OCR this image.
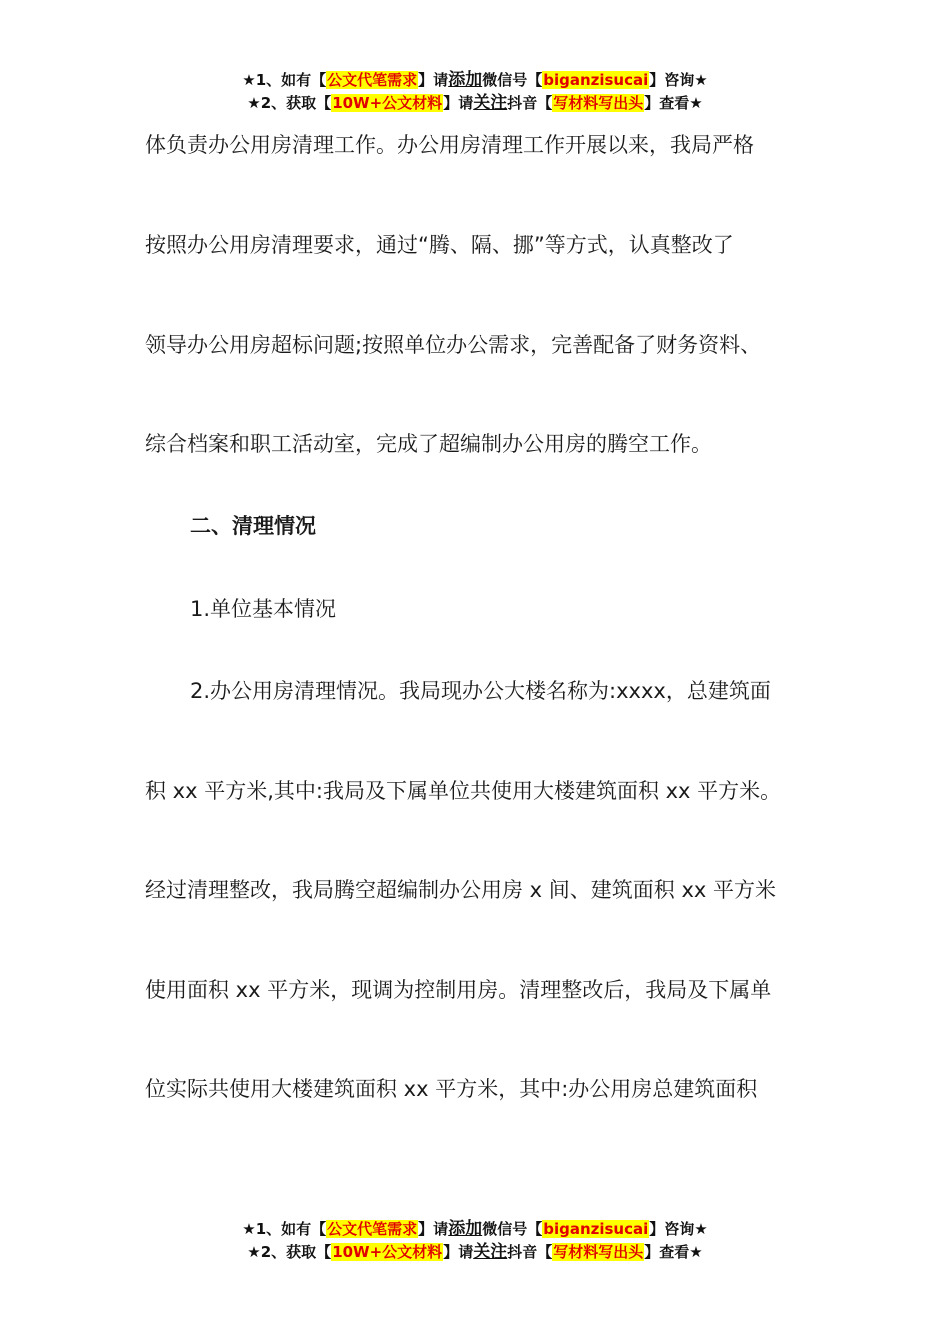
★1、如有【公文代笔需求】请添加微信号【biganzisucai】咨询★
★2、获取【10W+公文材料】请关注抖音【写材料写出头】查看★
体负责办公用房清理工作。办公用房清理工作开展以来，我局严格
按照办公用房清理要求，通过“腾、隔、挪”等方式，认真整改了
领导办公用房超标问题;按照单位办公需求，完善配备了财务资料、
综合档案和职工活动室，完成了超编制办公用房的腾空工作。
二、清理情况
1.单位基本情况
2.办公用房清理情况。我局现办公大楼名称为:xxxx，总建筑面
积 xx 平方米,其中:我局及下属单位共使用大楼建筑面积 xx 平方米。
经过清理整改，我局腾空超编制办公用房 x 间、建筑面积 xx 平方米
使用面积 xx 平方米，现调为控制用房。清理整改后，我局及下属单
位实际共使用大楼建筑面积 xx 平方米，其中:办公用房总建筑面积
★1、如有【公文代笔需求】请添加微信号【biganzisucai】咨询★
★2、获取【10W+公文材料】请关注抖音【写材料写出头】查看★
